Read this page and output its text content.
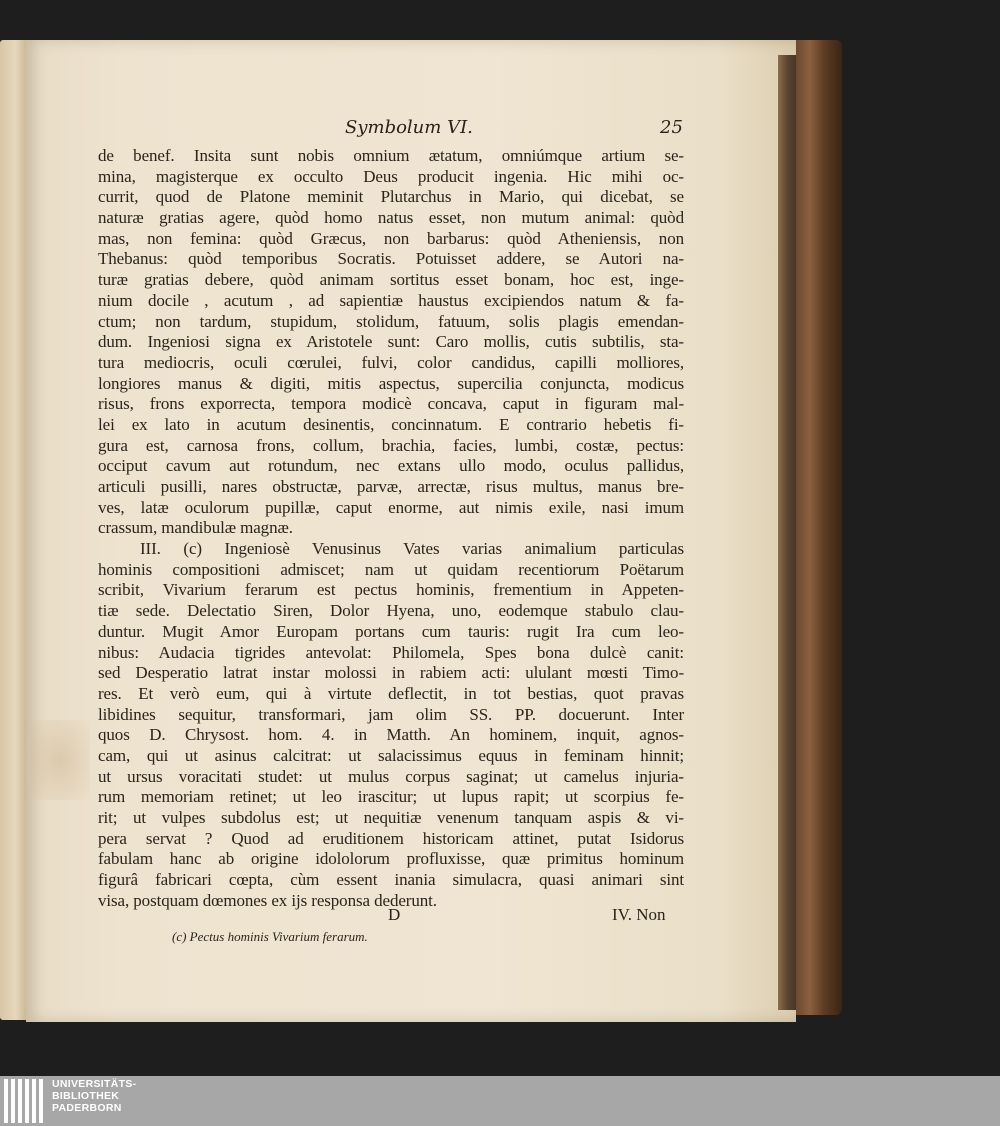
Symbolum VI.	25
de benef. Insita sunt nobis omnium ætatum, omniúmque artium se-
mina, magisterque ex occulto Deus producit ingenia. Hic mihi oc-
currit, quod de Platone meminit Plutarchus in Mario, qui dicebat, se
naturæ gratias agere, quòd homo natus esset, non mutum animal: quòd
mas, non femina: quòd Græcus, non barbarus: quòd Atheniensis, non
Thebanus: quòd temporibus Socratis. Potuisset addere, se Autori na-
turæ gratias debere, quòd animam sortitus esset bonam, hoc est, inge-
nium docile , acutum , ad sapientiæ haustus excipiendos natum & fa-
ctum; non tardum, stupidum, stolidum, fatuum, solis plagis emendan-
dum. Ingeniosi signa ex Aristotele sunt: Caro mollis, cutis subtilis, sta-
tura mediocris, oculi cœrulei, fulvi, color candidus, capilli molliores,
longiores manus & digiti, mitis aspectus, supercilia conjuncta, modicus
risus, frons exporrecta, tempora modicè concava, caput in figuram mal-
lei ex lato in acutum desinentis, concinnatum. E contrario hebetis fi-
gura est, carnosa frons, collum, brachia, facies, lumbi, costæ, pectus:
occiput cavum aut rotundum, nec extans ullo modo, oculus pallidus,
articuli pusilli, nares obstructæ, parvæ, arrectæ, risus multus, manus bre-
ves, latæ oculorum pupillæ, caput enorme, aut nimis exile, nasi imum
crassum, mandibulæ magnæ.
III. (c) Ingeniosè Venusinus Vates varias animalium particulas
hominis compositioni admiscet; nam ut quidam recentiorum Poëtarum
scribit, Vivarium ferarum est pectus hominis, frementium in Appeten-
tiæ sede. Delectatio Siren, Dolor Hyena, uno, eodemque stabulo clau-
duntur. Mugit Amor Europam portans cum tauris: rugit Ira cum leo-
nibus: Audacia tigrides antevolat: Philomela, Spes bona dulcè canit:
sed Desperatio latrat instar molossi in rabiem acti: ululant mœsti Timo-
res. Et verò eum, qui à virtute deflectit, in tot bestias, quot pravas
libidines sequitur, transformari, jam olim SS. PP. docuerunt. Inter
quos D. Chrysost. hom. 4. in Matth. An hominem, inquit, agnos-
cam, qui ut asinus calcitrat: ut salacissimus equus in feminam hinnit;
ut ursus voracitati studet: ut mulus corpus saginat; ut camelus injuria-
rum memoriam retinet; ut leo irascitur; ut lupus rapit; ut scorpius fe-
rit; ut vulpes subdolus est; ut nequitiæ venenum tanquam aspis & vi-
pera servat ? Quod ad eruditionem historicam attinet, putat Isidorus
fabulam hanc ab origine idololorum profluxisse, quæ primitus hominum
figurâ fabricari cœpta, cùm essent inania simulacra, quasi animari sint
visa, postquam dœmones ex ijs responsa dederunt.
D	IV. Non
(c) Pectus hominis Vivarium ferarum.
UNIVERSITÄTS-
BIBLIOTHEK
PADERBORN
